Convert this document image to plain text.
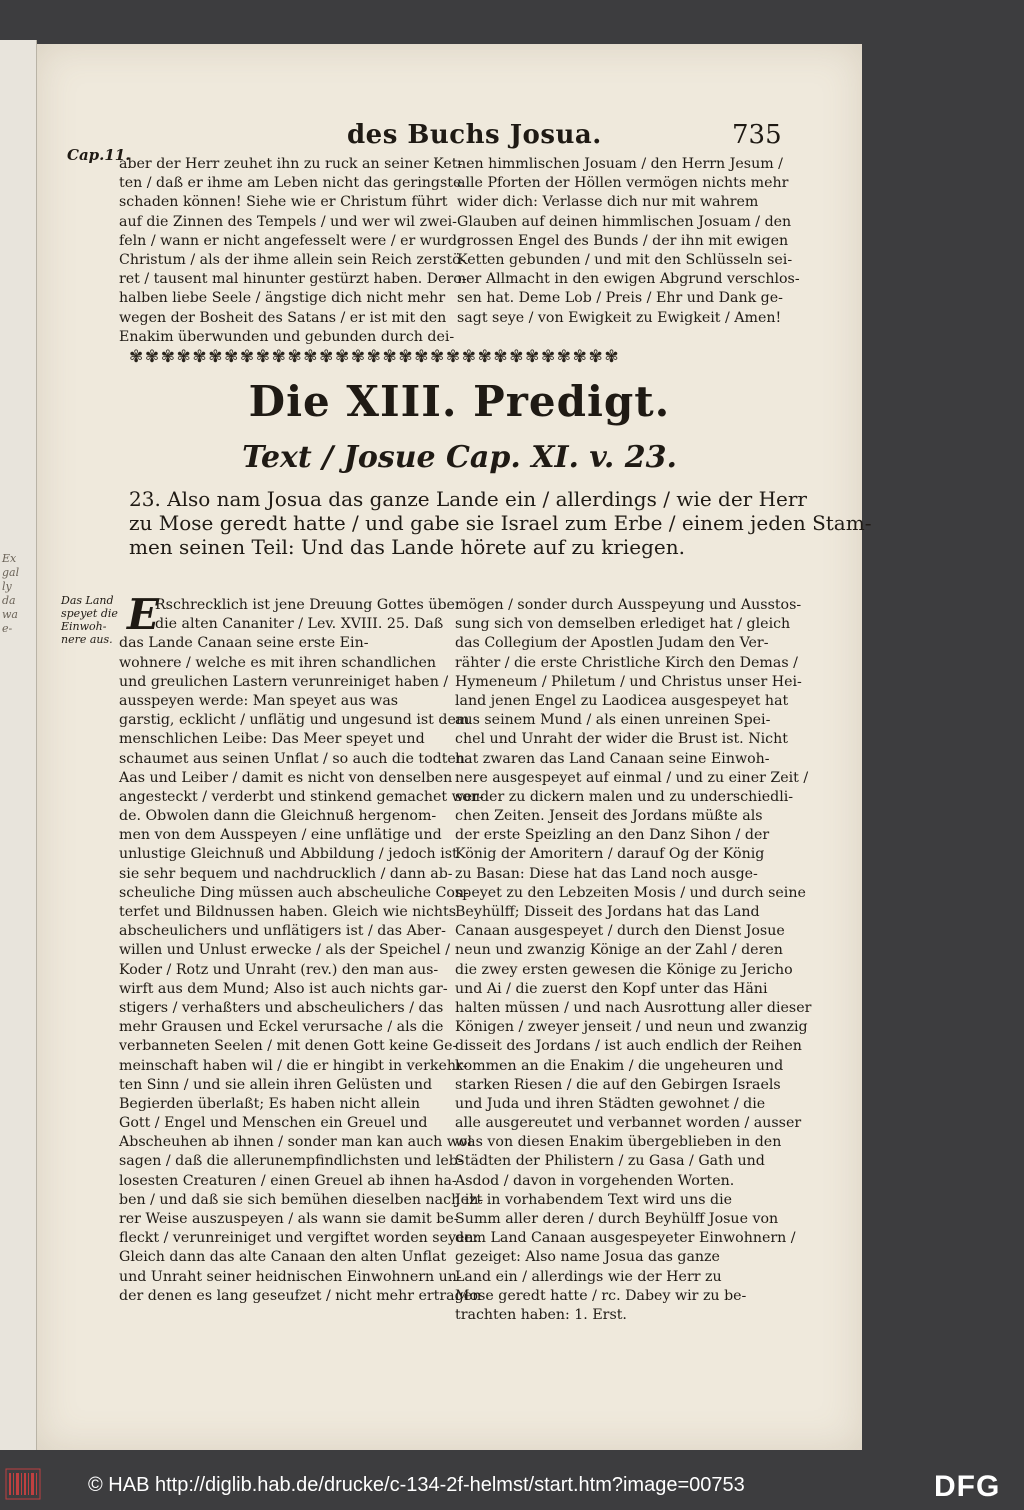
Ex
gal
ly
da
wa
e-
des Buchs Josua.	735
Cap.11.
aber der Herr zeuhet ihn zu ruck an seiner Ket-
ten / daß er ihme am Leben nicht das geringste
schaden können! Siehe wie er Christum führt
auf die Zinnen des Tempels / und wer wil zwei-
feln / wann er nicht angefesselt were / er wurde
Christum / als der ihme allein sein Reich zerstö-
ret / tausent mal hinunter gestürzt haben. Dero-
halben liebe Seele / ängstige dich nicht mehr
wegen der Bosheit des Satans / er ist mit den
Enakim überwunden und gebunden durch dei-
nen himmlischen Josuam / den Herrn Jesum /
alle Pforten der Höllen vermögen nichts mehr
wider dich: Verlasse dich nur mit wahrem
Glauben auf deinen himmlischen Josuam / den
grossen Engel des Bunds / der ihn mit ewigen
Ketten gebunden / und mit den Schlüsseln sei-
ner Allmacht in den ewigen Abgrund verschlos-
sen hat. Deme Lob / Preis / Ehr und Dank ge-
sagt seye / von Ewigkeit zu Ewigkeit / Amen!
✾✾✾✾✾✾✾✾✾✾✾✾✾✾✾✾✾✾✾✾✾✾✾✾✾✾✾✾✾✾✾
Die XIII. Predigt.
Text / Josue Cap. XI. v. 23.
23. Also nam Josua das ganze Lande ein / allerdings / wie der Herr
zu Mose geredt hatte / und gabe sie Israel zum Erbe / einem jeden Stam-
men seinen Teil: Und das Lande hörete auf zu kriegen.
Das Land
speyet die
Einwoh-
nere aus.
E
Rschrecklich ist jene Dreuung Gottes über
die alten Cananiter / Lev. XVIII. 25. Daß
das Lande Canaan seine erste Ein-
wohnere / welche es mit ihren schandlichen
und greulichen Lastern verunreiniget haben /
ausspeyen werde: Man speyet aus was
garstig, ecklicht / unflätig und ungesund ist dem
menschlichen Leibe: Das Meer speyet und
schaumet aus seinen Unflat / so auch die todten
Aas und Leiber / damit es nicht von denselben
angesteckt / verderbt und stinkend gemachet wer-
de. Obwolen dann die Gleichnuß hergenom-
men von dem Ausspeyen / eine unflätige und
unlustige Gleichnuß und Abbildung / jedoch ist
sie sehr bequem und nachdrucklich / dann ab-
scheuliche Ding müssen auch abscheuliche Con-
terfet und Bildnussen haben. Gleich wie nichts
abscheulichers und unflätigers ist / das Aber-
willen und Unlust erwecke / als der Speichel /
Koder / Rotz und Unraht (rev.) den man aus-
wirft aus dem Mund; Also ist auch nichts gar-
stigers / verhaßters und abscheulichers / das
mehr Grausen und Eckel verursache / als die
verbanneten Seelen / mit denen Gott keine Ge-
meinschaft haben wil / die er hingibt in verkehr-
ten Sinn / und sie allein ihren Gelüsten und
Begierden überlaßt; Es haben nicht allein
Gott / Engel und Menschen ein Greuel und
Abscheuhen ab ihnen / sonder man kan auch wol
sagen / daß die allerunempfindlichsten und leb-
losesten Creaturen / einen Greuel ab ihnen ha-
ben / und daß sie sich bemühen dieselben nach ih-
rer Weise auszuspeyen / als wann sie damit be-
fleckt / verunreiniget und vergiftet worden seyen:
Gleich dann das alte Canaan den alten Unflat
und Unraht seiner heidnischen Einwohnern un-
der denen es lang geseufzet / nicht mehr ertragen
mögen / sonder durch Ausspeyung und Ausstos-
sung sich von demselben erlediget hat / gleich
das Collegium der Apostlen Judam den Ver-
rähter / die erste Christliche Kirch den Demas /
Hymeneum / Philetum / und Christus unser Hei-
land jenen Engel zu Laodicea ausgespeyet hat
aus seinem Mund / als einen unreinen Spei-
chel und Unraht der wider die Brust ist. Nicht
hat zwaren das Land Canaan seine Einwoh-
nere ausgespeyet auf einmal / und zu einer Zeit /
sonder zu dickern malen und zu underschiedli-
chen Zeiten. Jenseit des Jordans müßte als
der erste Speizling an den Danz Sihon / der
König der Amoritern / darauf Og der König
zu Basan: Diese hat das Land noch ausge-
speyet zu den Lebzeiten Mosis / und durch seine
Beyhülff; Disseit des Jordans hat das Land
Canaan ausgespeyet / durch den Dienst Josue
neun und zwanzig Könige an der Zahl / deren
die zwey ersten gewesen die Könige zu Jericho
und Ai / die zuerst den Kopf unter das Häni
halten müssen / und nach Ausrottung aller dieser
Königen / zweyer jenseit / und neun und zwanzig
disseit des Jordans / ist auch endlich der Reihen
kommen an die Enakim / die ungeheuren und
starken Riesen / die auf den Gebirgen Israels
und Juda und ihren Städten gewohnet / die
alle ausgereutet und verbannet worden / ausser
was von diesen Enakim übergeblieben in den
Städten der Philistern / zu Gasa / Gath und
Asdod / davon in vorgehenden Worten.
Jezt in vorhabendem Text wird uns die
Summ aller deren / durch Beyhülff Josue von
dem Land Canaan ausgespeyeter Einwohnern /
gezeiget: Also name Josua das ganze
Land ein / allerdings wie der Herr zu
Mose geredt hatte / rc. Dabey wir zu be-
trachten haben: 1. Erst.
© HAB http://diglib.hab.de/drucke/c-134-2f-helmst/start.htm?image=00753	DFG
